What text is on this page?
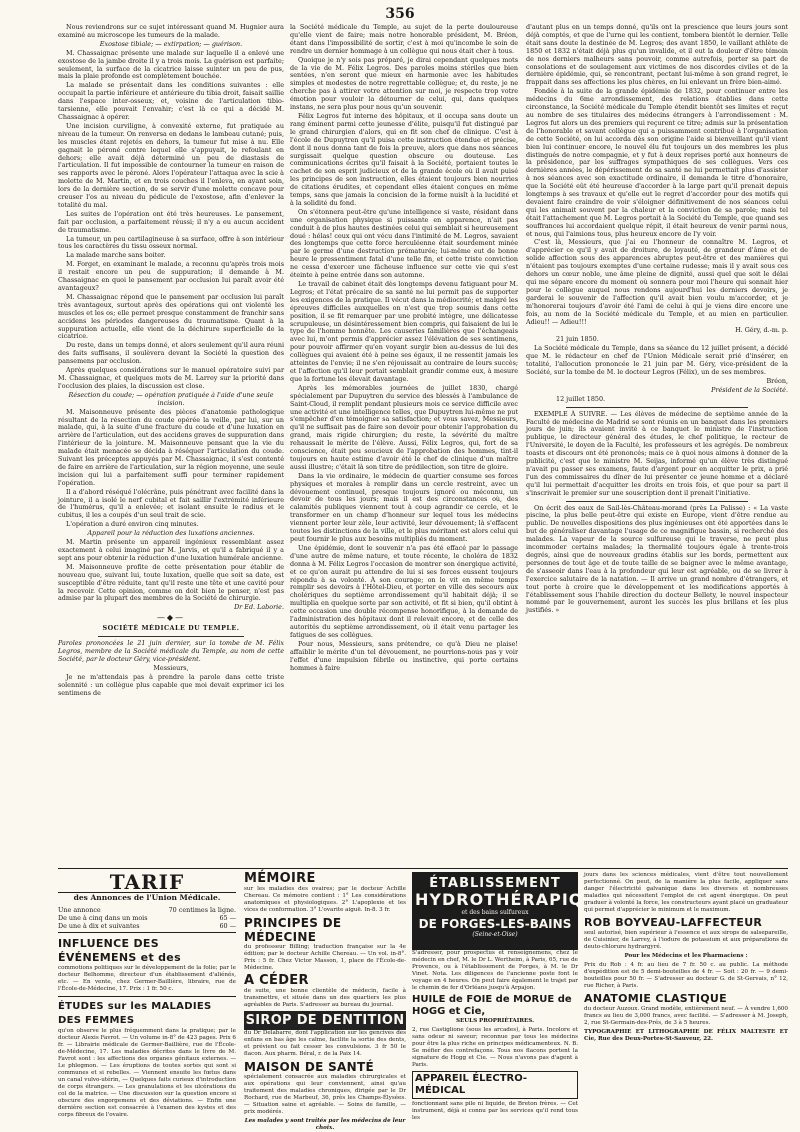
356

Nous reviendrons sur ce sujet intéressant quand M. Hugnier aura examiné au microscope les tumeurs de la malade.

Exostose tibiale; — extirpation; — guérison.

M. Chassaignac présente une malade sur laquelle il a enlevé une exostose de la jambe droite il y a trois mois. La guérison est parfaite; seulement, la surface de la cicatrice laisse suinter un peu de pus, mais la plaie profonde est complètement bouchée.

La malade se présentait dans les conditions suivantes : elle occupait la partie inférieure et antérieure du tibia droit, faisait saillie dans l'espace inter-osseux; et, voisine de l'articulation tibio-tarsienne, elle pouvait l'envahir; c'est là ce qui a décidé M. Chassaignac à opérer.

Une incision curviligne, à convexité externe, fut pratiquée au niveau de la tumeur. On renversa en dedans le lambeau cutané; puis, les muscles étant rejetés en dehors, la tumeur fut mise à nu. Elle gagnait le péroné contre lequel elle s'appuyait, le refoulant en dehors; elle avait déjà déterminé un peu de diastasis de l'articulation. Il fut impossible de contourner la tumeur en raison de ses rapports avec le péroné. Alors l'opérateur l'attaqua avec la scie à molette de M. Martin, et en trois couches il l'enleva, en ayant soin, lors de la dernière section, de se servir d'une molette concave pour creuser l'os au niveau du pédicule de l'exostose, afin d'enlever la totalité du mal.

Les suites de l'opération ont été très heureuses. Le pansement, fait par occlusion, a parfaitement réussi; il n'y a eu aucun accident de traumatisme.

La tumeur, un peu cartilagineuse à sa surface, offre à son intérieur tous les caractères du tissu osseux normal.

La malade marche sans boiter.

M. Forget, en examinant le malade, a reconnu qu'après trois mois il restait encore un peu de suppuration; il demande à M. Chassaignac en quoi le pansement par occlusion lui paraît avoir été avantageux?

M. Chassaignac répond que le pansement par occlusion lui paraît très avantageux, surtout après des opérations qui ont violenté les muscles et les os; elle permet presque constamment de franchir sans accidens les périodes dangereuses du traumatisme. Quant à la suppuration actuelle, elle vient de la déchirure superficielle de la cicatrice.

Du reste, dans un temps donné, et alors seulement qu'il aura réuni des faits suffisans, il soulèvera devant la Société la question des pansemens par occlusion.

Après quelques considérations sur le manuel opératoire suivi par M. Chassaignac, et quelques mots de M. Larrey sur la priorité dans l'occlusion des plaies, la discussion est close.

Résection du coude; — opération pratiquée à l'aide d'une seule incision.

M. Maisonneuve présente des pièces d'anatomie pathologique résultant de la résection du coude opérée la veille, par lui, sur un malade, qui, à la suite d'une fracture du coude et d'une luxation en arrière de l'articulation, eut des accidens graves de suppuration dans l'intérieur de la jointure. M. Maisonneuve pensant que la vie du malade était menacée se décida à réséquer l'articulation du coude. Suivant les préceptes appuyés par M. Chassaignac, il s'est contenté de faire en arrière de l'articulation, sur la région moyenne, une seule incision qui lui a parfaitement suffi pour terminer rapidement l'opération.

Il a d'abord réséqué l'olécrâne, puis pénétrant avec facilité dans la jointure, il a isolé le nerf cubital et fait saillir l'extrémité inférieure de l'humérus, qu'il a enlevée; et isolant ensuite le radius et le cubitus, il les a coupés d'un seul trait de scie.

L'opération a duré environ cinq minutes.

Appareil pour la réduction des luxations anciennes.

M. Martin présente un appareil ingénieux ressemblant assez exactement à celui imaginé par M. Jarvis, et qu'il a fabriqué il y a sept ans pour obtenir la réduction d'une luxation humérale ancienne.

M. Maisonneuve profite de cette présentation pour établir de nouveau que, suivant lui, toute luxation, quelle que soit sa date, est susceptible d'être réduite, tant qu'il reste une tête et une cavité pour la recevoir. Cette opinion, comme on doit bien le penser, n'est pas admise par la plupart des membres de la Société de chirurgie.

Dr Ed. Laborie.

—◆—

SOCIÉTÉ MÉDICALE DU TEMPLE.

Paroles prononcées le 21 juin dernier, sur la tombe de M. Félix Legros, membre de la Société médicale du Temple, au nom de cette Société, par le docteur Géry, vice-président.

Messieurs,

Je ne m'attendais pas à prendre la parole dans cette triste solennité : un collègue plus capable que moi devait exprimer ici les sentimens de

la Société médicale du Temple, au sujet de la perte douloureuse qu'elle vient de faire; mais notre honorable président, M. Bréon, étant dans l'impossibilité de sortir, c'est à moi qu'incombe le soin de rendre un dernier hommage à un collègue qui nous était cher à tous.

Quoique je n'y sois pas préparé, je dirai cependant quelques mots de la vie de M. Félix Legros. Des paroles moins stériles que bien sentées, n'en seront que mieux en harmonie avec les habitudes simples et modestes de notre regrettable collègue; et, du reste, je ne cherche pas à attirer votre attention sur moi, je respecte trop votre émotion pour vouloir la détourner de celui, qui, dans quelques instans, ne sera plus pour nous qu'un souvenir.

Félix Legros fut interne des hôpitaux, et il occupa sans doute un rang éminent parmi cette jeunesse d'élite, puisqu'il fut distingué par le grand chirurgien d'alors, qui en fit son chef de clinique. C'est à l'école de Dupuytren qu'il puisa cette instruction étendue et précise, dont il nous donna tant de fois la preuve, alors que dans nos séances surgissait quelque question obscure ou douteuse. Les communications écrites qu'il faisait à la Société, portaient toutes le cachet de son esprit judicieux et de la grande école où il avait puisé les principes de son instruction, elles étaient toujours bien nourries de citations érudites, et cependant elles étaient conçues en même temps, sans que jamais la concision de la forme nuisît à la lucidité et à la solidité du fond.

On s'étonnera peut-être qu'une intelligence si vaste, résidant dans une organisation physique si puissante en apparence, n'ait pas conduit à de plus hautes destinées celui qui semblait si heureusement doué : hélas! ceux qui ont vécu dans l'intimité de M. Legros, savaient des longtemps que cette force herculéenne était sourdement minée par le germe d'une destruction prématurée; lui-même eut de bonne heure le pressentiment fatal d'une telle fin, et cette triste conviction ne cessa d'exercer une fâcheuse influence sur cette vie qui s'est éteinte à peine entrée dans son automne.

Le travail de cabinet était dès longtemps devenu fatiguant pour M. Legros; et l'état précaire de sa santé ne lui permit pas de supporter les exigences de la pratique. Il vécut dans la médiocrité; et malgré les épreuves difficiles auxquelles on n'est que trop soumis dans cette position, il se fit remarquer par une probité intègre, une délicatesse scrupuleuse, un désintéressement bien compris, qui faisaient de lui le type de l'homme honnête. Les causeries familières que l'échangeais avec lui, m'ont permis d'apprécier assez l'élévation de ses sentimens, pour pouvoir affirmer qu'en voyant surgir bien au-dessus de lui des collègues qui avaient été à peine ses égaux, il ne ressentit jamais les atteintes de l'envie; il ne s'en réjouissait au contraire de leurs succès; et l'affection qu'il leur portait semblait grandir comme eux, à mesure que la fortune les élevait davantage.

Après les mémorables journées de juillet 1830, chargé spécialement par Dupuytren du service des blessés à l'ambulance de Saint-Cloud, il remplit pendant plusieurs mois ce service difficile avec une activité et une intelligence telles, que Dupuytren lui-même ne put s'empêcher d'en témoigner sa satisfaction; et vous savez, Messieurs, qu'il ne suffisait pas de faire son devoir pour obtenir l'approbation du grand, mais rigide chirurgien; du reste, la sévérité du maître rehaussait le mérite de l'élève. Aussi, Félix Legros, qui, fort de sa conscience, était peu soucieux de l'approbation des hommes, tint-il toujours en haute estime d'avoir été le chef de clinique d'un maître aussi illustre; c'était là son titre de prédilection, son titre de gloire.

Dans la vie ordinaire, le médecin de quartier consume ses forces physiques et morales à remplir dans un cercle restreint, avec un dévouement continuel, presque toujours ignoré ou méconnu, un devoir de tous les jours; mais il est des circonstances où, des calamités publiques viennent tout à coup agrandir ce cercle, et le transformer en un champ d'honneur sur lequel tous les médecins viennent porter leur zèle, leur activité, leur dévouement; là s'effacent toutes les distinctions de la ville, et le plus méritant est alors celui qui peut fournir le plus aux besoins multipliés du moment.

Une épidémie, dont le souvenir n'a pas été effacé par le passage d'une autre de même nature, et toute récente, le choléra de 1832 donna à M. Félix Legros l'occasion de montrer son énergique activité, et ce qu'on aurait pu attendre de lui si ses forces eussent toujours répondu à sa volonté. À son courage; on le vit en même temps remplir ses devoirs à l'Hôtel-Dieu, et porter en ville des secours aux cholériques du septième arrondissement qu'il habitait déjà; il se multiplia en quelque sorte par son activité, et fit si bien, qu'il obtint à cette occasion une double récompense honorifique, à la demande de l'administration des hôpitaux dont il relevait encore, et de celle des autorités du septième arrondissement, où il était venu partager les fatigues de ses collègues.

Pour nous, Messieurs, sans prétendre, ce qu'à Dieu ne plaise! affaiblir le mérite d'un tel dévouement, ne pourrions-nous pas y voir l'effet d'une impulsion fébrile ou instinctive, qui porte certains hommes à faire

d'autant plus en un temps donné, qu'ils ont la prescience que leurs jours sont déjà comptés, et que de l'urne qui les contient, tombera bientôt le dernier. Telle était sans doute la destinée de M. Legros; des avant 1850, le vaillant athlète de 1850 et 1832 n'était déjà plus qu'un invalide, et il eut la douleur d'être témoin de nos derniers malheurs sans pouvoir, comme autrefois, porter sa part de consolations et de soulagement aux victimes de nos discordes civiles et de la dernière épidémie, qui, se rencontrant, pectant lui-même à son grand regret, le frappait dans ses affections les plus chères, en lui enlevant un frère bien-aimé.

Fondée à la suite de la grande épidémie de 1832, pour continuer entre les médecins du 6me arrondissement, des relations établies dans cette circonstance, la Société médicale du Temple étendit bientôt ses limites et reçut au nombre de ses titulaires des médecins étrangers à l'arrondissement : M. Legros fut alors un des premiers qui reçurent ce titre; admis sur la présentation de l'honorable et savant collègue qui a puissamment contribué à l'organisation de cette Société, on lui accorda dès son origine l'aide si bienveillant qu'il vient bien lui continuer encore, le nouvel élu fut toujours un des membres les plus distingués de notre compagnie, et y fut à deux reprises porté aux honneurs de la présidence, par les suffrages sympathiques de ses collègues. Vers ces dernières années, le dépérissement de sa santé ne lui permettait plus d'assister à nos séances avec son exactitude ordinaire, il demanda le titre d'honoraire, que la Société eût été heureuse d'accorder à la large part qu'il prenait depuis longtemps à ses travaux et qu'elle eut le regret d'accorder pour des motifs qui devaient faire craindre de voir s'éloigner définitivement de nos séances celui qui les animait souvent par la chaleur et la conviction de sa parole; mais tel était l'attachement que M. Legros portait à la Société du Temple, que quand ses souffrances lui accordaient quelque répit, il était heureux de venir parmi nous, et nous, qui l'aimions tous, plus heureux encore de l'y voir.

C'est là, Messieurs, que j'ai eu l'honneur de connaître M. Legros, et d'apprécier ce qu'il y avait de droiture, de loyauté, de grandeur d'âme et de solide affection sous des apparences abruptes peut-être et des manières qui n'étaient pas toujours exemptes d'une certaine rudesse; mais il y avait sous ces dehors un cœur noble, une âme pleine de dignité, aussi quel que soit le délai qui me sépare encore du moment où sonnera pour moi l'heure qui sonnait hier pour le collègue auquel nous rendons aujourd'hui les derniers devoirs, je garderai le souvenir de l'affection qu'il avait bien voulu m'accorder, et je m'honorerai toujours d'avoir été l'ami de celui à qui je viens dire encore une fois, au nom de la Société médicale du Temple, et au mien en particulier. Adieu!! — Adieu!!!

H. Géry, d.-m. p.

21 juin 1850.

La Société médicale du Temple, dans sa séance du 12 juillet présent, a décidé que M. le rédacteur en chef de l'Union Médicale serait prié d'insérer, en totalité, l'allocution prononcée le 21 juin par M. Géry, vice-président de la Société, sur la tombe de M. le docteur Legros (Félix), un de ses membres.

Bréon,

Président de la Société.

12 juillet 1850.

EXEMPLE À SUIVRE. — Les élèves de médecine de septième année de la Faculté de médecine de Madrid se sont réunis en un banquet dans les premiers jours de juin; ils avaient invité à ce banquet le ministre de l'instruction publique, le directeur général des études, le chef politique, le recteur de l'Université, le doyen de la Faculté, les professeurs et les agrégés. De nombreux toasts et discours ont été prononcés; mais ce à quoi nous aimons à donner de la publicité, c'est que le ministre M. Seijas, informé qu'un élève très distingué n'avait pu passer ses examens, faute d'argent pour en acquitter le prix, a prié l'un des commissaires du dîner de lui présenter ce jeune homme et a déclaré qu'il lui permettait d'acquitter les droits en trois fois, et que pour sa part il s'inscrivait le premier sur une souscription dont il prenait l'initiative.

On écrit des eaux de Sail-lès-Château-morand (près La Palisse) : « La vaste piscine, la plus belle peut-être qui existe en Europe, vient d'être rendue au public. De nouvelles dispositions des plus ingénieuses ont été apportées dans le but de généraliser davantage l'usage de ce magnifique bassin, si recherché des malades. La vapeur de la source sulfureuse qui le traverse, ne peut plus incommoder certains malades; la thermalité toujours égale à trente-trois degrés, ainsi que de nouveaux gradins établis sur les bords, permettent aux personnes de tout âge et de toute taille de se baigner avec le même avantage, de s'asseoir dans l'eau à la profondeur qui leur est agréable, ou de se livrer à l'exercice salutaire de la natation. — Il arrive un grand nombre d'étrangers, et tout porte à croire que le développement et les modifications apportés à l'établissement sous l'habile direction du docteur Bellety, le nouvel inspecteur nommé par le gouvernement, auront les succès les plus brillans et les plus justifiés. »

TARIF
des Annonces de l'Union Médicale.
Une annonce	70 centimes la ligne.
De une à cinq dans un mois	65 —
De une à dix et suivantes	60 —
INFLUENCE DES ÉVÉNEMENS et des

commotions politiques sur le développement de la folie; par le docteur Belhomme, directeur d'un établissement d'aliénés, etc. — En vente, chez Germer-Baillière, libraire, rue de l'École-de-Médecine, 17. Prix : 1 fr. 50 c.

ÉTUDES sur les MALADIES DES FEMMES

qu'on observe le plus fréquemment dans la pratique; par le docteur Alexis Favrot. — Un volume in-8° de 423 pages. Prix 6 fr. — Librairie médicale de Germer-Baillière, rue de l'École-de-Médecine, 17. Les maladies décrites dans le livre de M. Favrot sont : les affections des organes génitaux externes. — Le phlegmon. — Les éruptions de toutes sortes qui sont si communes et si rebelles. — Viennent ensuite les fœtus dans un canal vulvo-utérin, — Quelques faits curieux d'introduction de corps étrangers. — Les granulations et les ulcérations du col de la matrice. — Une discussion sur la question encore si obscure des engorgemens et des déviations. — Enfin une dernière section est consacrée à l'examen des kystes et des corps fibreux de l'ovaire.

MÉMOIRE

sur les maladies des ovaires; par le docteur Achille Chereau. Ce mémoire contient : 1° Les considérations anatomiques et physiologiques. 2° L'apoplexie et les vices de conformation. 3° L'ovarite aiguë. In-8. 3 fr.

PRINCIPES DE MÉDECINE

du professeur Billing; traduction française sur la 4e édition; par le docteur Achille Chereau. — Un vol. in-8°. Prix : 5 fr. Chez Victor Masson, 1, place de l'École-de-Médecine.

A CÉDER

de suite, une bonne clientèle de médecin, facile à transmettre, et située dans un des quartiers les plus agréables de Paris. S'adresser au bureau du journal.

SIROP DE DENTITION

du Dr Delabarre, dont l'application sur les gencives des enfans en bas âge les calme, facilite la sortie des dents, et prévient ou fait cesser les convulsions. 3 fr 50 le flacon. Aux pharm. Béral, r. de la Paix 14.

MAISON DE SANTÉ

spécialement consacrée aux maladies chirurgicales et aux opérations qui leur conviennent, ainsi qu'au traitement des maladies chroniques, dirigée par le Dr Rochard, rue de Marbeuf, 36, près les Champs-Élysées. — Situation saine et agréable. — Soins de famille, — prix modérés.

Les malades y sont traités par les médecins de leur choix.

ÉTABLISSEMENT
HYDROTHÉRAPIQUE
et des bains sulfureux
DE FORGES-LES-BAINS
(Seine-et-Oise)

S'adresser, pour prospectus et renseignemens, chez le médecin en chef, M. le Dr L. Wertheim, à Paris, 65, rue de Provence, ou à l'établissement de Forges, à M. le Dr Vinet. Nota. Les diligences de l'ancienne poste font le voyage en 4 heures. On peut faire également le trajet par le chemin de fer d'Orléans jusqu'à Arpajon.

HUILE de FOIE de MORUE de HOGG et Cie,

SEULS PROPRIÉTAIRES.

2, rue Castiglione (sous les arcades), à Paris. Incolore et sans odeur ni saveur; reconnue par tous les médecins pour être la plus riche en principes médicamenteux. N. B. Se méfier des contrefaçons. Tous nos flacons portent la signature de Hogg et Cie. — Nous n'avons pas d'agent à Paris.

APPAREIL ÉLECTRO-MÉDICAL

fonctionnant sans pile ni liquide, de Breton frères. — Cet instrument, déjà si connu par les services qu'il rend tous les

jours dans les sciences médicales, vient d'être tout nouvellement perfectionné. On peut, de la manière la plus facile, appliquer sans danger l'électricité galvanique dans les diverses et nombreuses maladies qui nécessitent l'emploi de cet agent énergique. On peut graduer à volonté la force, les constructeurs ayant placé un graduateur qui permet d'apprécier le minimum et le maximum.

ROB BOYVEAU-LAFFECTEUR

seul autorisé, bien supérieur à l'essence et aux sirops de salsepareille, de Cuisinier, de Larrey, à l'iodure de potassium et aux préparations de deuto-chlorure hydrargyré.

Pour les Médecins et les Pharmaciens :

Prix du Rob : 4 fr. au lieu de 7 fr. 50 c. au public. La méthode d'expédition est de 5 demi-bouteilles de 4 fr. — Soit : 20 fr. — 9 demi-bouteilles pour 50 fr. — S'adresser au docteur G. de St-Gervais, n° 12, rue Richer, à Paris.

ANATOMIE CLASTIQUE

du docteur Auzoux. Grand modèle, entièrement neuf. — À vendre 1,600 francs au lieu de 3,000 francs, avec facilité. — S'adresser à M. Joseph, 2, rue St-Germain-des-Prés, de 3 à 5 heures.

TYPOGRAPHIE ET LITHOGRAPHIE DE FÉLIX MALTESTE ET Cie, Rue des Deux-Portes-St-Sauveur, 22.
